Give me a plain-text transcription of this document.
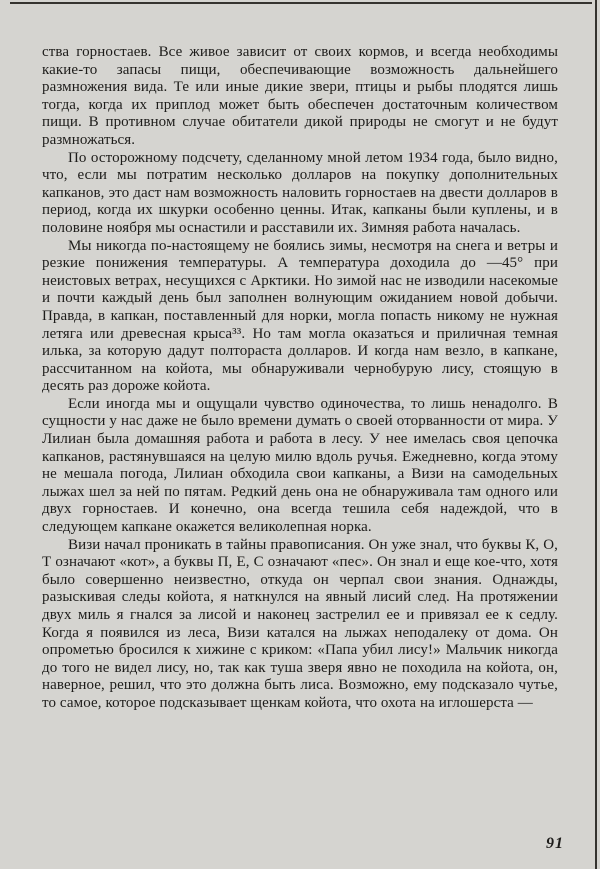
ства горностаев. Все живое зависит от своих кормов, и всегда необходимы какие-то запасы пищи, обеспечивающие возможность дальнейшего размножения вида. Те или иные дикие звери, птицы и рыбы плодятся лишь тогда, когда их приплод может быть обеспечен достаточным количеством пищи. В противном случае обитатели дикой природы не смогут и не будут размножаться.

По осторожному подсчету, сделанному мной летом 1934 года, было видно, что, если мы потратим несколько долларов на покупку дополнительных капканов, это даст нам возможность наловить горностаев на двести долларов в период, когда их шкурки особенно ценны. Итак, капканы были куплены, и в половине ноября мы оснастили и расставили их. Зимняя работа началась.

Мы никогда по-настоящему не боялись зимы, несмотря на снега и ветры и резкие понижения температуры. А температура доходила до —45° при неистовых ветрах, несущихся с Арктики. Но зимой нас не изводили насекомые и почти каждый день был заполнен волнующим ожиданием новой добычи. Правда, в капкан, поставленный для норки, могла попасть никому не нужная летяга или древесная крыса³³. Но там могла оказаться и приличная темная илька, за которую дадут полтораста долларов. И когда нам везло, в капкане, рассчитанном на койота, мы обнаруживали чернобурую лису, стоящую в десять раз дороже койота.

Если иногда мы и ощущали чувство одиночества, то лишь ненадолго. В сущности у нас даже не было времени думать о своей оторванности от мира. У Лилиан была домашняя работа и работа в лесу. У нее имелась своя цепочка капканов, растянувшаяся на целую милю вдоль ручья. Ежедневно, когда этому не мешала погода, Лилиан обходила свои капканы, а Визи на самодельных лыжах шел за ней по пятам. Редкий день она не обнаруживала там одного или двух горностаев. И конечно, она всегда тешила себя надеждой, что в следующем капкане окажется великолепная норка.

Визи начал проникать в тайны правописания. Он уже знал, что буквы К, О, Т означают «кот», а буквы П, Е, С означают «пес». Он знал и еще кое-что, хотя было совершенно неизвестно, откуда он черпал свои знания. Однажды, разыскивая следы койота, я наткнулся на явный лисий след. На протяжении двух миль я гнался за лисой и наконец застрелил ее и привязал ее к седлу. Когда я появился из леса, Визи катался на лыжах неподалеку от дома. Он опрометью бросился к хижине с криком: «Папа убил лису!» Мальчик никогда до того не видел лису, но, так как туша зверя явно не походила на койота, он, наверное, решил, что это должна быть лиса. Возможно, ему подсказало чутье, то самое, которое подсказывает щенкам койота, что охота на иглошерста —

91
